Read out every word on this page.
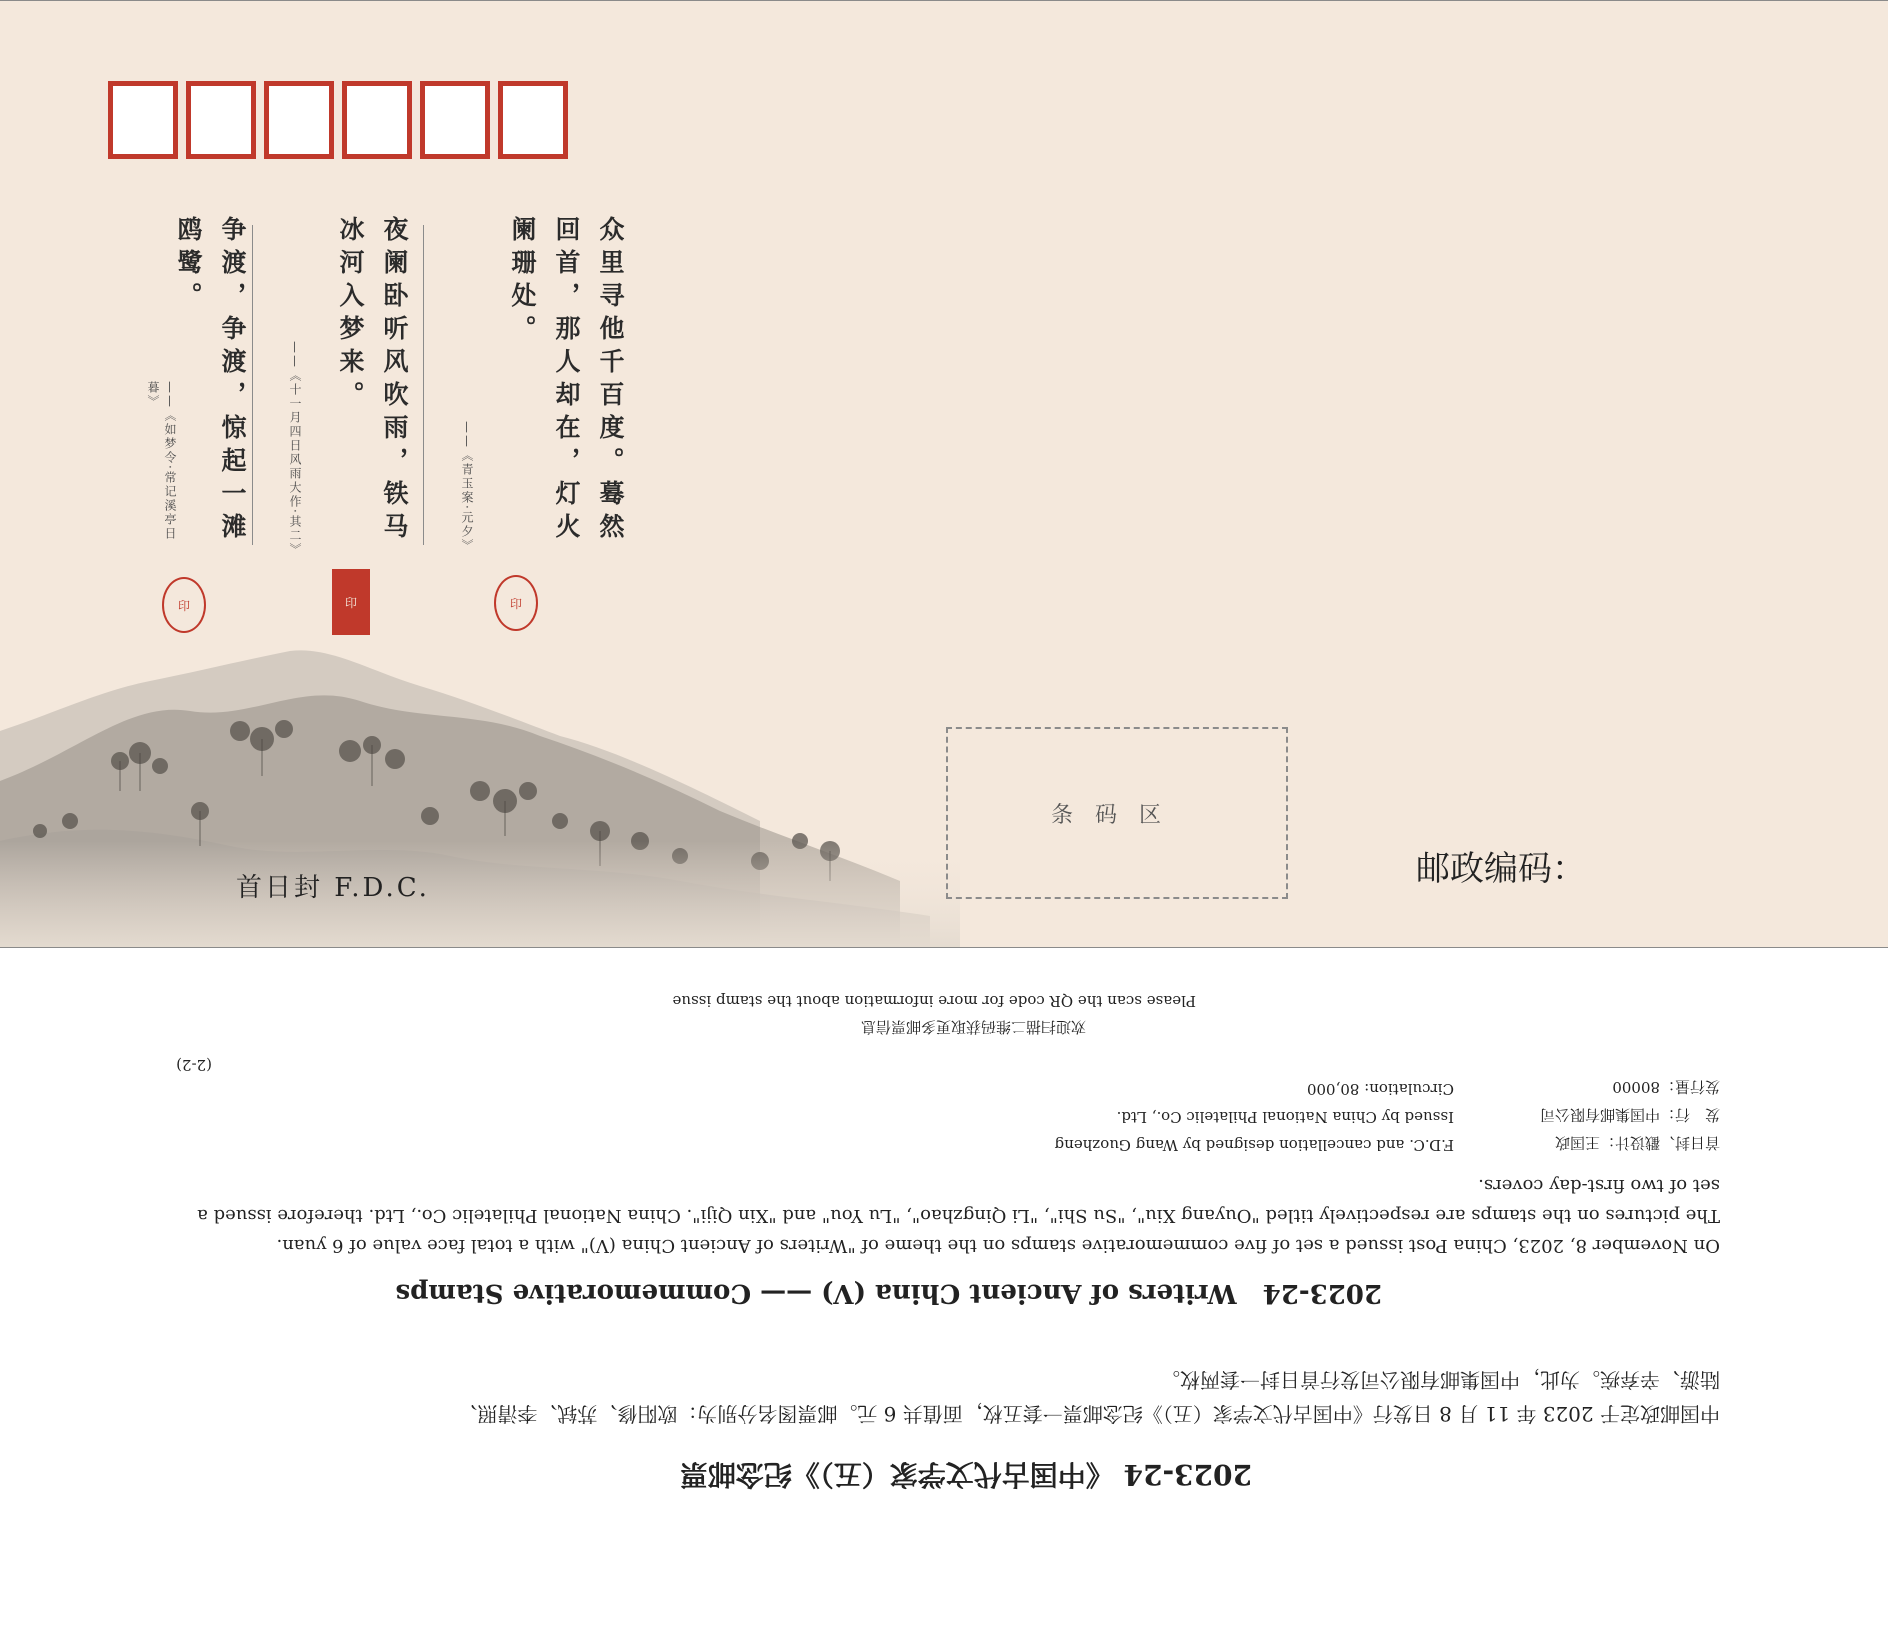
众里寻他千百度。蓦然回首，那人却在，灯火阑珊处。
——《青玉案·元夕》
印
夜阑卧听风吹雨，铁马冰河入梦来。
——《十一月四日风雨大作·其二》
印
争渡，争渡，惊起一滩鸥鹭。
——《如梦令·常记溪亭日暮》
印
首日封 F.D.C.
条码区
邮政编码：
2023-24 《中国古代文学家（五）》纪念邮票
中国邮政定于 2023 年 11 月 8 日发行《中国古代文学家（五）》纪念邮票一套五枚，面值共 6 元。邮票图名分别为：欧阳修、苏轼、李清照、
陆游、辛弃疾。为此，中国集邮有限公司发行首日封一套两枚。
2023-24　Writers of Ancient China (V) —— Commemorative Stamps
On November 8, 2023, China Post issued a set of five commemorative stamps on the theme of "Writers of Ancient China (V)" with a total face value of 6 yuan.
The pictures on the stamps are respectively titled "Ouyang Xiu", "Su Shi", "Li Qingzhao", "Lu You" and "Xin Qiji". China National Philatelic Co., Ltd. therefore issued a
set of two first-day covers.
首日封、戳设计：王国政
F.D.C. and cancellation designed by Wang Guozheng
发　行：中国集邮有限公司
Issued by China National Philatelic Co., Ltd.
发行量：80000
Circulation: 80,000
(2-2)
欢迎扫描二维码获取更多邮票信息
Please scan the QR code for more information about the stamp issue
